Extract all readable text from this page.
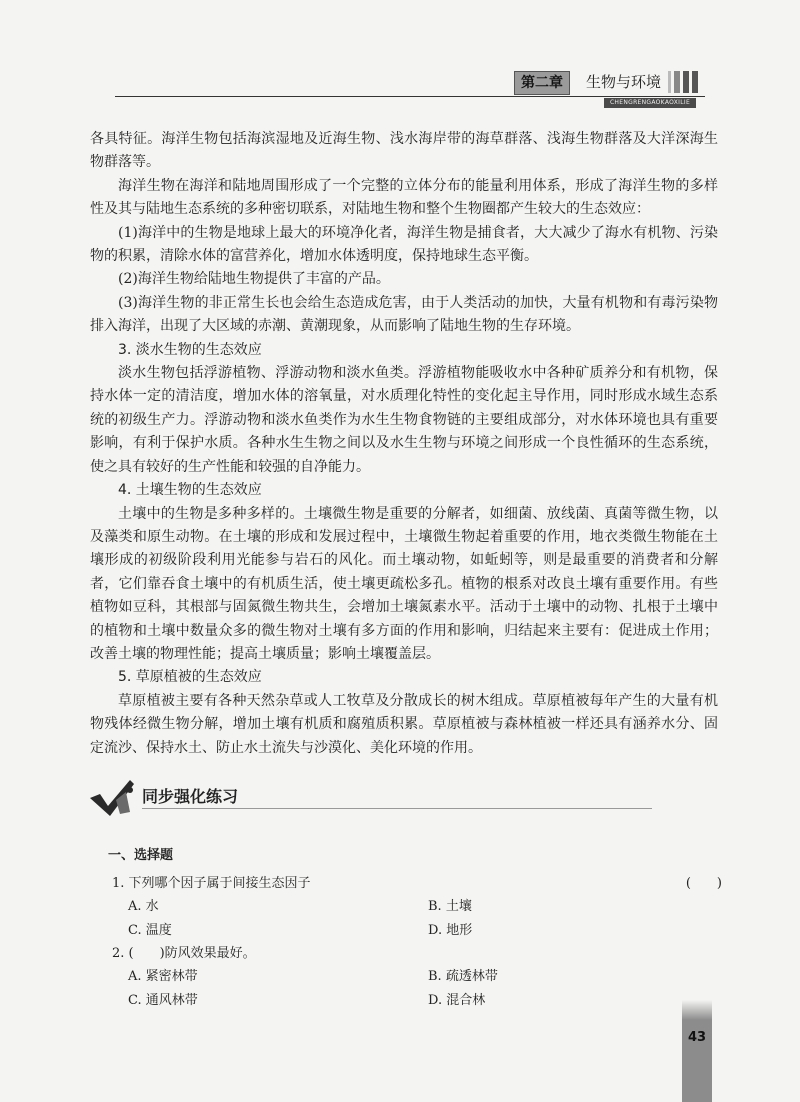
第二章	生物与环境
CHENGRENGAOKAOXILIE

各具特征。海洋生物包括海滨湿地及近海生物、浅水海岸带的海草群落、浅海生物群落及大洋深海生物群落等。

海洋生物在海洋和陆地周围形成了一个完整的立体分布的能量利用体系，形成了海洋生物的多样性及其与陆地生态系统的多种密切联系，对陆地生物和整个生物圈都产生较大的生态效应：

(1)海洋中的生物是地球上最大的环境净化者，海洋生物是捕食者，大大减少了海水有机物、污染物的积累，清除水体的富营养化，增加水体透明度，保持地球生态平衡。

(2)海洋生物给陆地生物提供了丰富的产品。

(3)海洋生物的非正常生长也会给生态造成危害，由于人类活动的加快，大量有机物和有毒污染物排入海洋，出现了大区域的赤潮、黄潮现象，从而影响了陆地生物的生存环境。

3. 淡水生物的生态效应

淡水生物包括浮游植物、浮游动物和淡水鱼类。浮游植物能吸收水中各种矿质养分和有机物，保持水体一定的清洁度，增加水体的溶氧量，对水质理化特性的变化起主导作用，同时形成水域生态系统的初级生产力。浮游动物和淡水鱼类作为水生生物食物链的主要组成部分，对水体环境也具有重要影响，有利于保护水质。各种水生生物之间以及水生生物与环境之间形成一个良性循环的生态系统，使之具有较好的生产性能和较强的自净能力。

4. 土壤生物的生态效应

土壤中的生物是多种多样的。土壤微生物是重要的分解者，如细菌、放线菌、真菌等微生物，以及藻类和原生动物。在土壤的形成和发展过程中，土壤微生物起着重要的作用，地衣类微生物能在土壤形成的初级阶段利用光能参与岩石的风化。而土壤动物，如蚯蚓等，则是最重要的消费者和分解者，它们靠吞食土壤中的有机质生活，使土壤更疏松多孔。植物的根系对改良土壤有重要作用。有些植物如豆科，其根部与固氮微生物共生，会增加土壤氮素水平。活动于土壤中的动物、扎根于土壤中的植物和土壤中数量众多的微生物对土壤有多方面的作用和影响，归结起来主要有：促进成土作用；改善土壤的物理性能；提高土壤质量；影响土壤覆盖层。

5. 草原植被的生态效应

草原植被主要有各种天然杂草或人工牧草及分散成长的树木组成。草原植被每年产生的大量有机物残体经微生物分解，增加土壤有机质和腐殖质积累。草原植被与森林植被一样还具有涵养水分、固定流沙、保持水土、防止水土流失与沙漠化、美化环境的作用。

同步强化练习
一、选择题
1. 下列哪个因子属于间接生态因子	(　　)
A. 水	B. 土壤
C. 温度	D. 地形
2. (　　)防风效果最好。
A. 紧密林带	B. 疏透林带
C. 通风林带	D. 混合林
43
